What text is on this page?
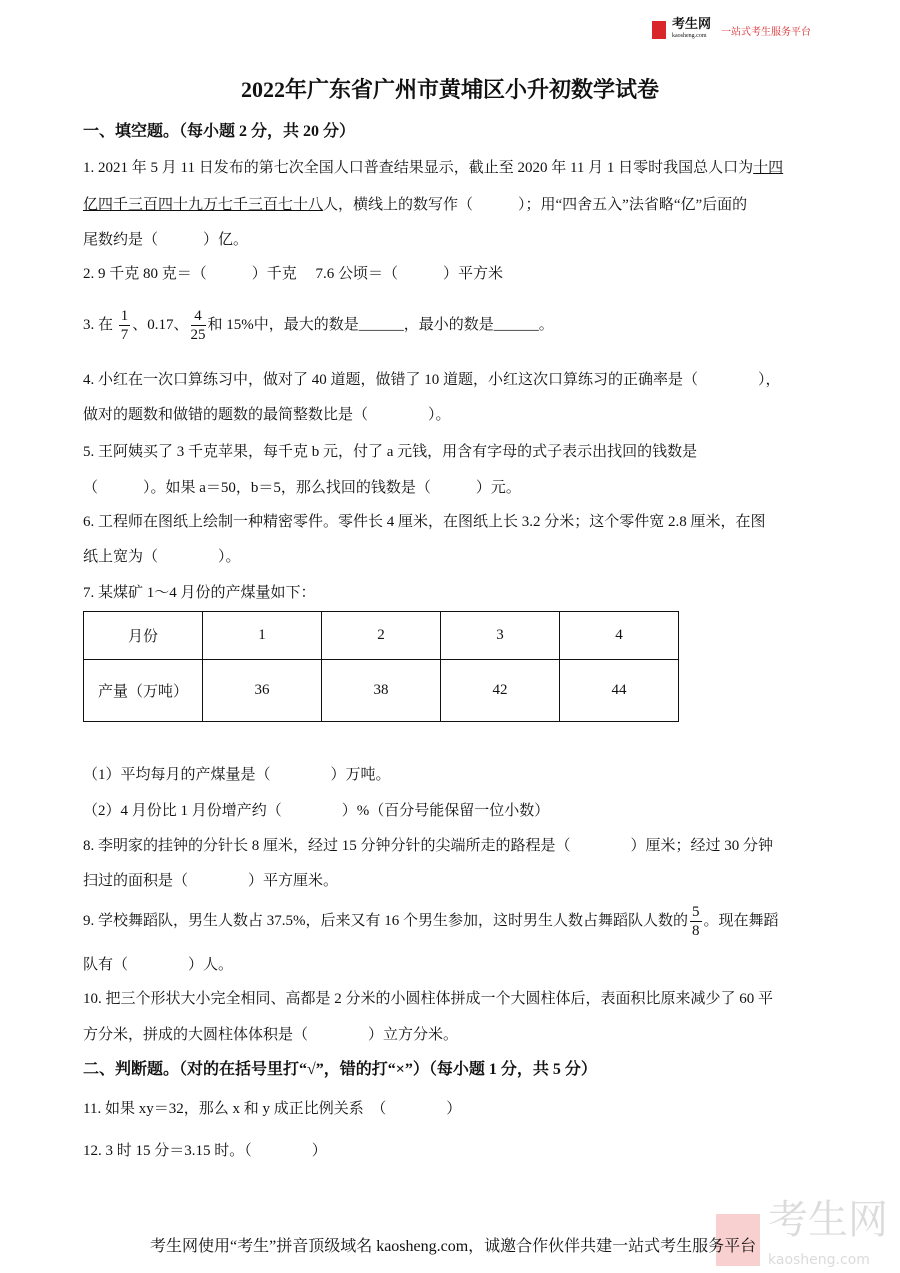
考生网
kaosheng.com	一站式考生服务平台
2022年广东省广州市黄埔区小升初数学试卷
一、填空题。（每小题 2 分，共 20 分）
1. 2021 年 5 月 11 日发布的第七次全国人口普查结果显示，截止至 2020 年 11 月 1 日零时我国总人口为十四
亿四千三百四十九万七千三百七十八人，横线上的数写作（　　　）；用“四舍五入”法省略“亿”后面的
尾数约是（　　　）亿。
2. 9 千克 80 克＝（　　　）千克　 7.6 公顷＝（　　　）平方米
3. 在 $\frac{1}{7}$ 、0.17、 $\frac{4}{25}$ 和 15%中，最大的数是______，最小的数是______。
4. 小红在一次口算练习中，做对了 40 道题，做错了 10 道题，小红这次口算练习的正确率是（　　　　），
做对的题数和做错的题数的最简整数比是（　　　　）。
5. 王阿姨买了 3 千克苹果，每千克 b 元，付了 a 元钱，用含有字母的式子表示出找回的钱数是
（　　　）。如果 a＝50，b＝5，那么找回的钱数是（　　　）元。
6. 工程师在图纸上绘制一种精密零件。零件长 4 厘米，在图纸上长 3.2 分米；这个零件宽 2.8 厘米，在图
纸上宽为（　　　　）。
7. 某煤矿 1～4 月份的产煤量如下：
月份	1	2	3	4
产量（万吨）	36	38	42	44
（1）平均每月的产煤量是（　　　　）万吨。
（2）4 月份比 1 月份增产约（　　　　）%（百分号能保留一位小数）
8. 李明家的挂钟的分针长 8 厘米，经过 15 分钟分针的尖端所走的路程是（　　　　）厘米；经过 30 分钟
扫过的面积是（　　　　）平方厘米。
9. 学校舞蹈队，男生人数占 37.5%，后来又有 16 个男生参加，这时男生人数占舞蹈队人数的 $\frac{5}{8}$ 。现在舞蹈
队有（　　　　）人。
10. 把三个形状大小完全相同、高都是 2 分米的小圆柱体拼成一个大圆柱体后，表面积比原来减少了 60 平
方分米，拼成的大圆柱体体积是（　　　　）立方分米。
二、判断题。（对的在括号里打“√”，错的打“×”）（每小题 1 分，共 5 分）
11. 如果 xy＝32，那么 x 和 y 成正比例关系　（　　　　）
12. 3 时 15 分＝3.15 时。（　　　　）
考生网
kaosheng.com
考生网使用“考生”拼音顶级域名 kaosheng.com，诚邀合作伙伴共建一站式考生服务平台
